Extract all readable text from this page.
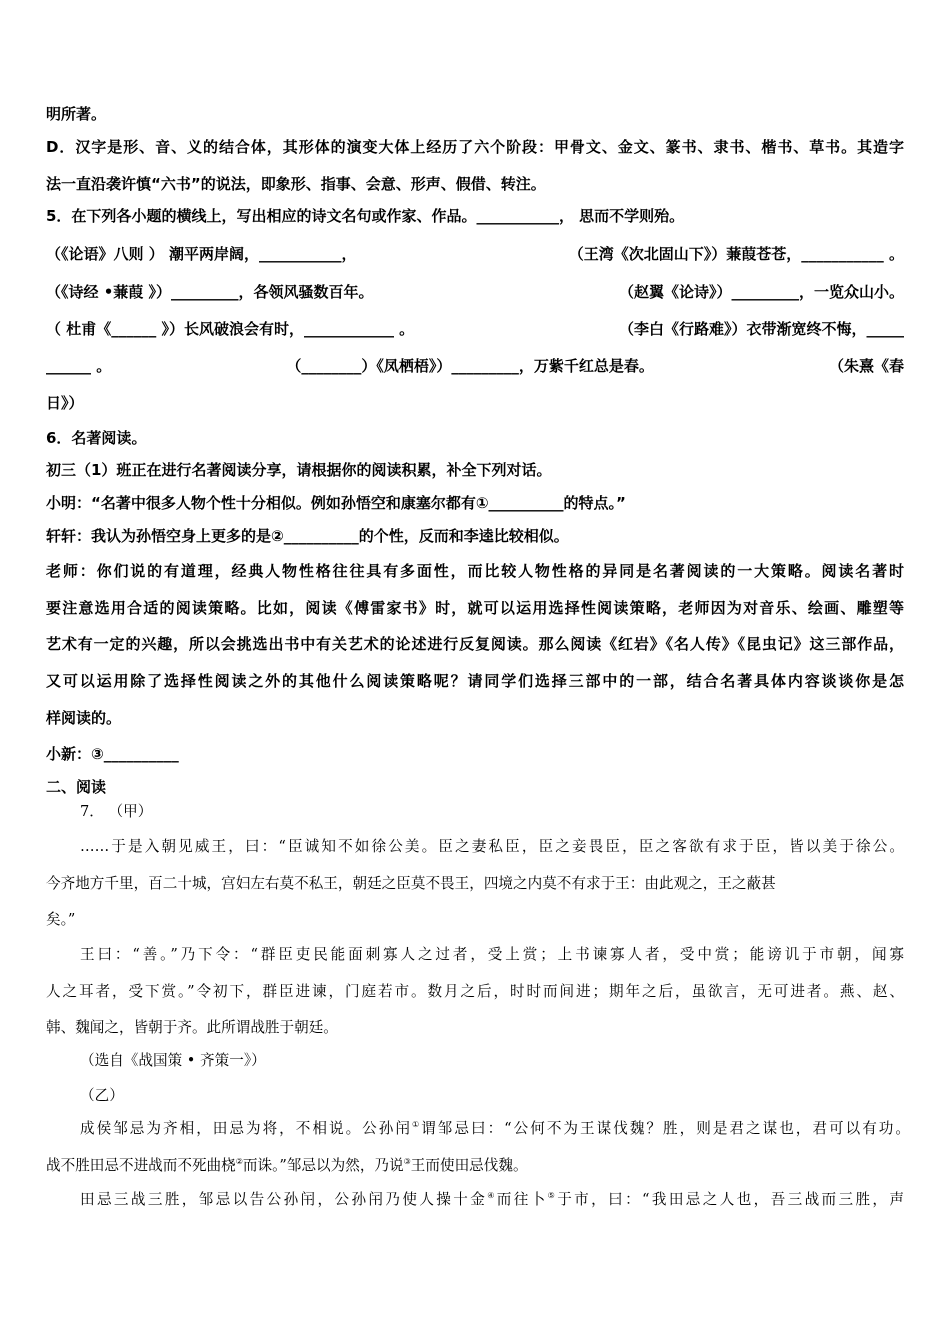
明所著。
D．汉字是形、音、义的结合体，其形体的演变大体上经历了六个阶段：甲骨文、金文、篆书、隶书、楷书、草书。其造字
法一直沿袭许慎“六书”的说法，即象形、指事、会意、形声、假借、转注。
5．在下列各小题的横线上，写出相应的诗文名句或作家、作品。___________， 思而不学则殆。
（《论语》八则 ） 潮平两岸阔，___________，	（王湾《次北固山下》）蒹葭苍苍，___________ 。
（《诗经 •蒹葭 》）_________，各领风骚数百年。	（赵翼《论诗》）_________，一览众山小。
（ 杜甫《______ 》）长风破浪会有时，____________ 。	（李白《行路难》）衣带渐宽终不悔，_____
______ 。	（________）《凤栖梧》）_________，万紫千红总是春。	（朱熹《春
日》）
6．名著阅读。
初三（1）班正在进行名著阅读分享，请根据你的阅读积累，补全下列对话。
小明：“名著中很多人物个性十分相似。例如孙悟空和康塞尔都有①__________的特点。”
轩轩：我认为孙悟空身上更多的是②__________的个性，反而和李逵比较相似。
老师：你们说的有道理，经典人物性格往往具有多面性，而比较人物性格的异同是名著阅读的一大策略。阅读名著时
要注意选用合适的阅读策略。比如，阅读《傅雷家书》时，就可以运用选择性阅读策略，老师因为对音乐、绘画、雕塑等
艺术有一定的兴趣，所以会挑选出书中有关艺术的论述进行反复阅读。那么阅读《红岩》《名人传》《昆虫记》这三部作品，
又可以运用除了选择性阅读之外的其他什么阅读策略呢？请同学们选择三部中的一部，结合名著具体内容谈谈你是怎
样阅读的。
小新：③__________
二、阅读
7． （甲）
……于是入朝见威王，曰：“臣诚知不如徐公美。臣之妻私臣，臣之妾畏臣，臣之客欲有求于臣，皆以美于徐公。
今齐地方千里，百二十城，宫妇左右莫不私王，朝廷之臣莫不畏王，四境之内莫不有求于王：由此观之，王之蔽甚
矣。”
王曰：“善。”乃下令：“群臣吏民能面刺寡人之过者，受上赏；上书谏寡人者，受中赏；能谤讥于市朝，闻寡
人之耳者，受下赏。”令初下，群臣进谏，门庭若市。数月之后，时时而间进；期年之后，虽欲言，无可进者。燕、赵、
韩、魏闻之，皆朝于齐。此所谓战胜于朝廷。
（选自《战国策 • 齐策一》）
（乙）
成侯邹忌为齐相，田忌为将，不相说。公孙闬①谓邹忌曰：“公何不为王谋伐魏？胜，则是君之谋也，君可以有功。
战不胜田忌不进战而不死曲桡②而诛。”邹忌以为然，乃说③王而使田忌伐魏。
田忌三战三胜，邹忌以告公孙闬，公孙闬乃使人操十金④而往卜⑤于市，曰：“我田忌之人也，吾三战而三胜，声
